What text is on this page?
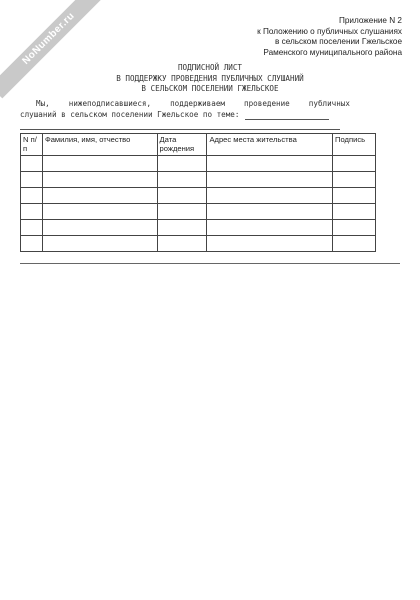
NoNumber.ru	Приложение N 2
к Положению о публичных слушаниях
в сельском поселении Гжельское
Раменского муниципального района
ПОДПИСНОЙ ЛИСТ
В ПОДДЕРЖКУ ПРОВЕДЕНИЯ ПУБЛИЧНЫХ СЛУШАНИЙ
В СЕЛЬСКОМ ПОСЕЛЕНИИ ГЖЕЛЬСКОЕ
Мы,	нижеподписавшиеся,	поддерживаем	проведение	публичных
слушаний в сельском поселении Гжельское по теме:
N п/п	Фамилия, имя, отчество	Дата рождения	Адрес места жительства	Подпись
